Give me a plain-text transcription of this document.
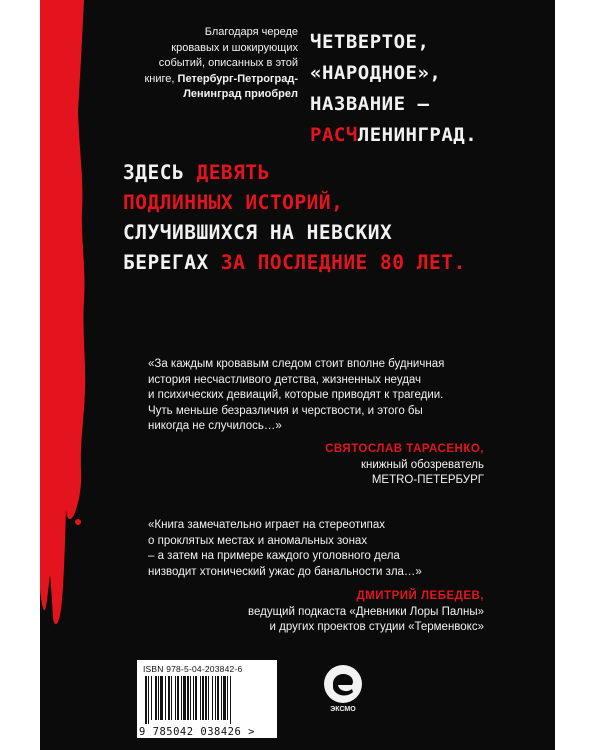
Благодаря череде
кровавых и шокирующих
событий, описанных в этой
книге, Петербург-Петроград-
Ленинград приобрел
ЧЕТВЕРТОЕ,
«НАРОДНОЕ»,
НАЗВАНИЕ –
РАСЧЛЕНИНГРАД.
ЗДЕСЬ ДЕВЯТЬ
ПОДЛИННЫХ ИСТОРИЙ,
СЛУЧИВШИХСЯ НА НЕВСКИХ
БЕРЕГАХ ЗА ПОСЛЕДНИЕ 80 ЛЕТ.
«За каждым кровавым следом стоит вполне будничная
история несчастливого детства, жизненных неудач
и психических девиаций, которые приводят к трагедии.
Чуть меньше безразличия и черствости, и этого бы
никогда не случилось…»
СВЯТОСЛАВ ТАРАСЕНКО,
книжный обозреватель
METRO-ПЕТЕРБУРГ
«Книга замечательно играет на стереотипах
о проклятых местах и аномальных зонах
– а затем на примере каждого уголовного дела
низводит хтонический ужас до банальности зла…»
ДМИТРИЙ ЛЕБЕДЕВ,
ведущий подкаста «Дневники Лоры Палны»
и других проектов студии «Терменвокс»
ISBN 978-5-04-203842-6
9 785042 038426 >
ЭКСМО
